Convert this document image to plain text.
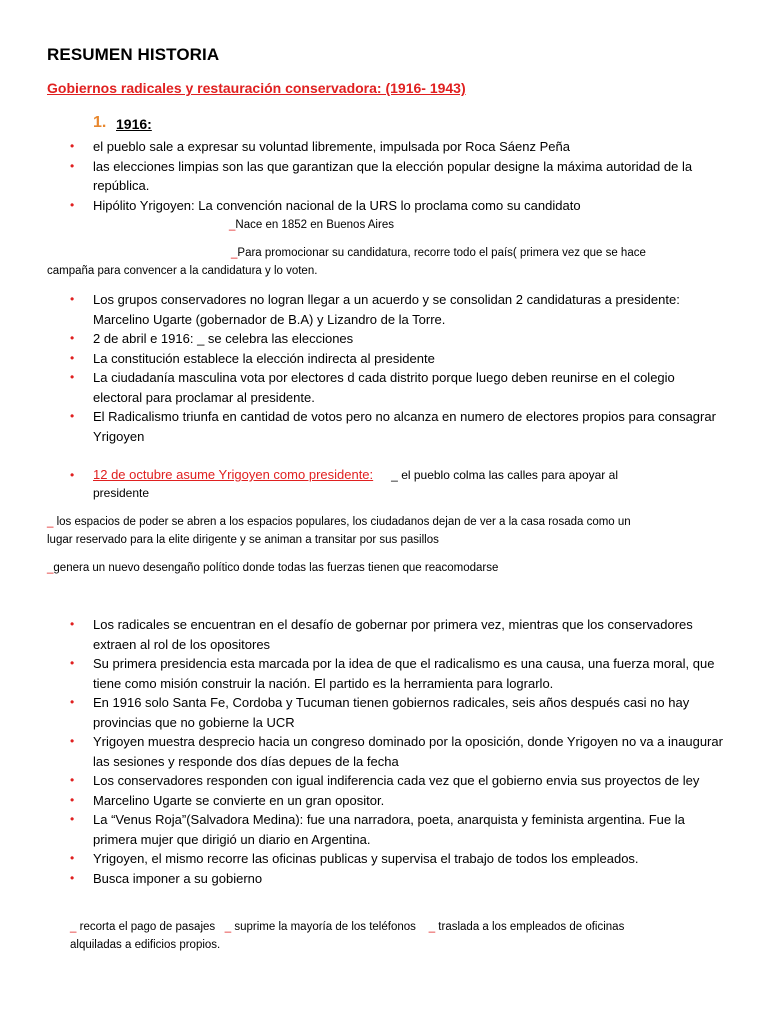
RESUMEN HISTORIA
Gobiernos radicales y restauración conservadora: (1916- 1943)
1. 1916:
• el pueblo sale a expresar su voluntad libremente, impulsada por Roca Sáenz Peña
• las elecciones limpias son las que garantizan que la elección popular designe la máxima autoridad de la república.
• Hipólito Yrigoyen: La convención nacional de la URS lo proclama como su candidato
_Nace en 1852 en Buenos Aires
_Para promocionar su candidatura, recorre todo el país( primera vez que se hace
campaña para convencer a la candidatura y lo voten.
• Los grupos conservadores no logran llegar a un acuerdo y se consolidan 2 candidaturas a presidente: Marcelino Ugarte (gobernador de B.A) y Lizandro de la Torre.
• 2 de abril e 1916: _ se celebra las elecciones
• La constitución establece la elección indirecta al presidente
• La ciudadanía masculina vota por electores d cada distrito porque luego deben reunirse en el colegio electoral para proclamar al presidente.
• El Radicalismo triunfa en cantidad de votos pero no alcanza en numero de electores propios para consagrar Yrigoyen
• 12 de octubre asume Yrigoyen como presidente: _ el pueblo colma las calles para apoyar al
presidente
_ los espacios de poder se abren a los espacios populares, los ciudadanos dejan de ver a la casa rosada como un
lugar reservado para la elite dirigente y se animan a transitar por sus pasillos
_genera un nuevo desengaño político donde todas las fuerzas tienen que reacomodarse
• Los radicales se encuentran en el desafío de gobernar por primera vez, mientras que los conservadores extraen al rol de los opositores
• Su primera presidencia esta marcada por la idea de que el radicalismo es una causa, una fuerza moral, que tiene como misión construir la nación. El partido es la herramienta para lograrlo.
• En 1916 solo Santa Fe, Cordoba y Tucuman tienen gobiernos radicales, seis años después casi no hay provincias que no gobierne la UCR
• Yrigoyen muestra desprecio hacia un congreso dominado por la oposición, donde Yrigoyen no va a inaugurar las sesiones y responde dos días depues de la fecha
• Los conservadores responden con igual indiferencia cada vez que el gobierno envia sus proyectos de ley
• Marcelino Ugarte se convierte en un gran opositor.
• La “Venus Roja”(Salvadora Medina): fue una narradora, poeta, anarquista y feminista argentina. Fue la primera mujer que dirigió un diario en Argentina.
• Yrigoyen, el mismo recorre las oficinas publicas y supervisa el trabajo de todos los empleados.
• Busca imponer a su gobierno
_ recorta el pago de pasajes _ suprime la mayoría de los teléfonos _ traslada a los empleados de oficinas
alquiladas a edificios propios.
